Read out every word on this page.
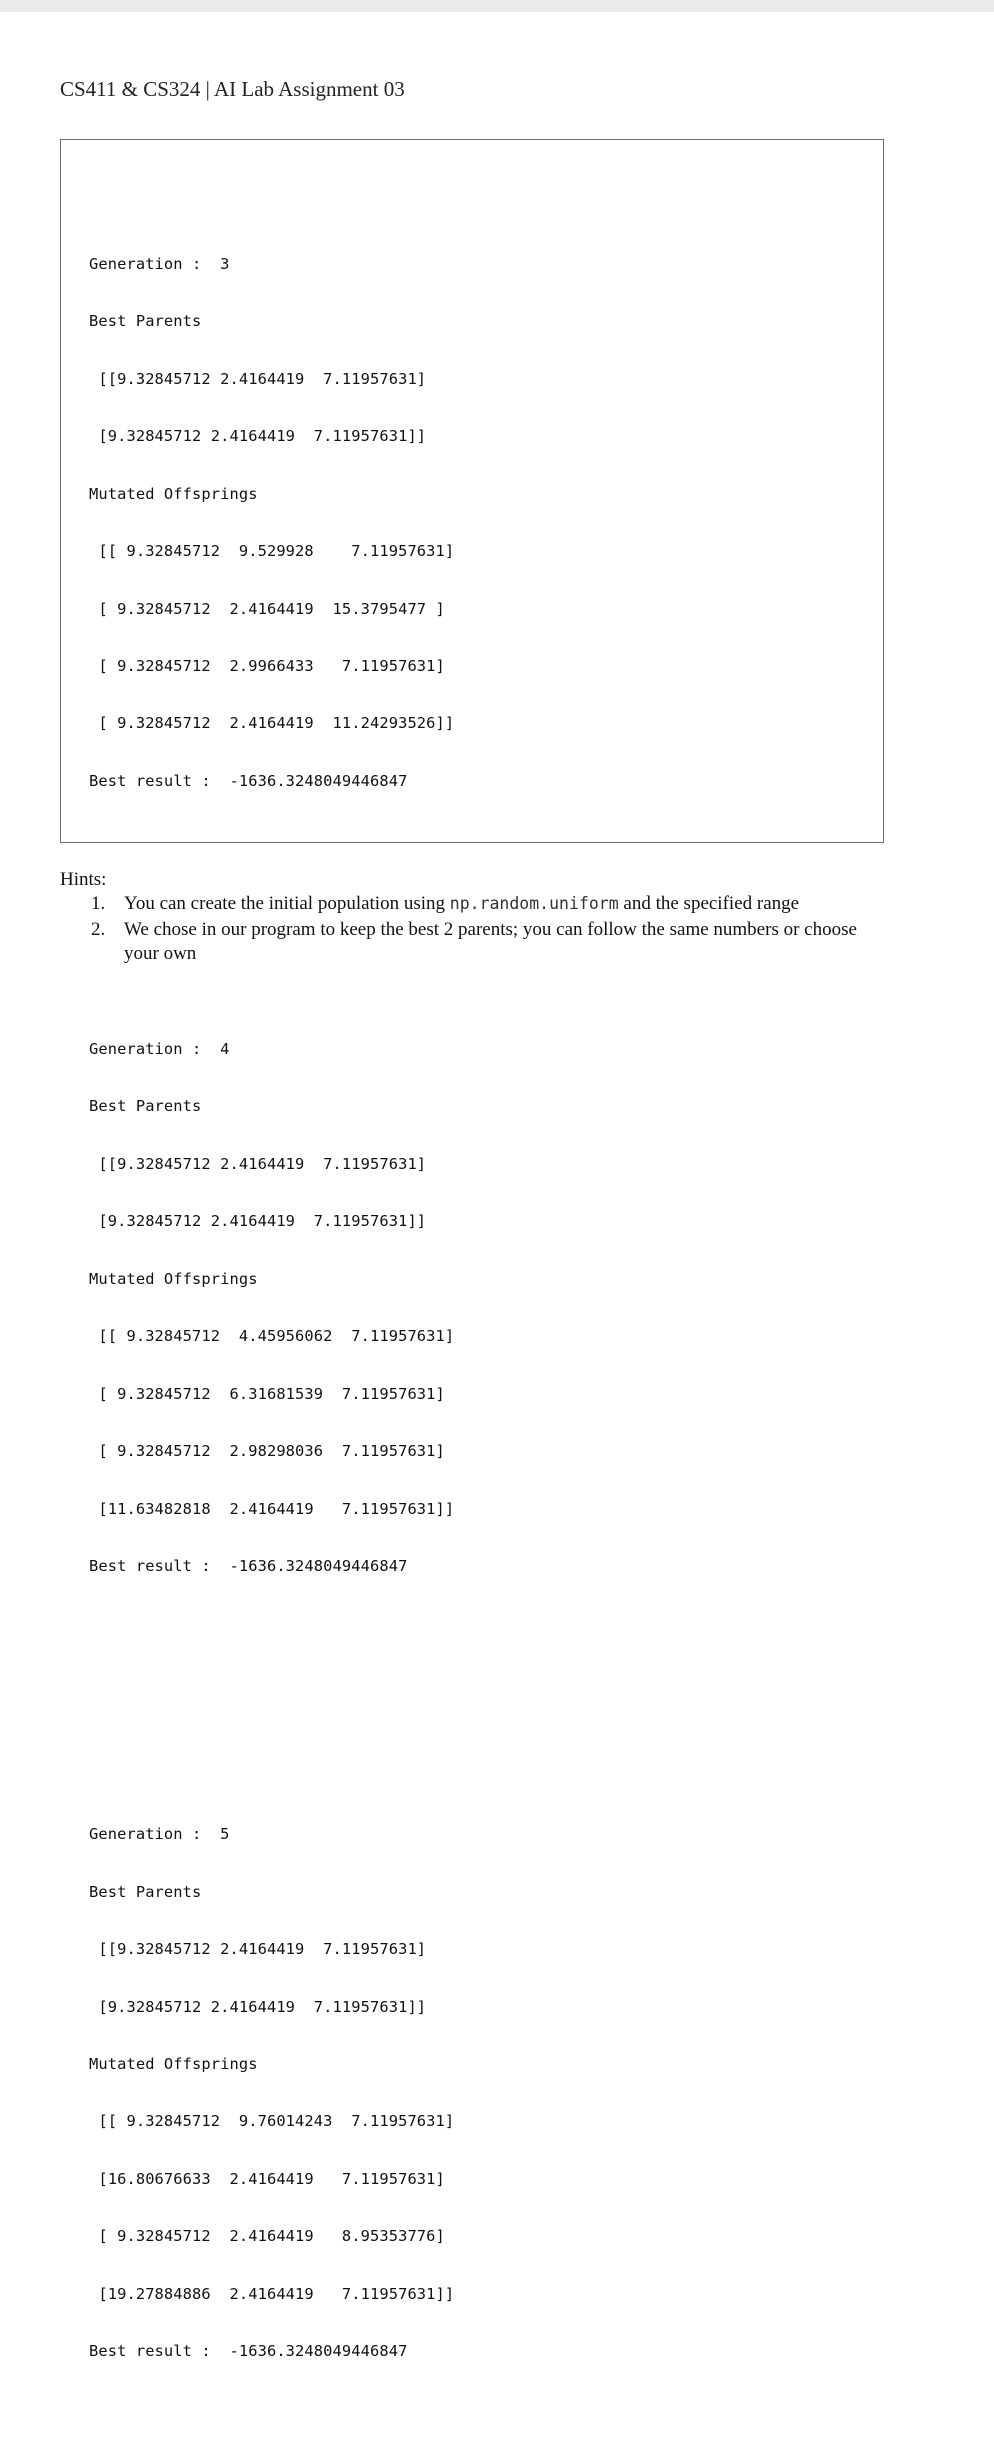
CS411 & CS324 | AI Lab Assignment 03

Generation :  3

Best Parents

[[9.32845712 2.4164419  7.11957631]

[9.32845712 2.4164419  7.11957631]]

Mutated Offsprings

[[ 9.32845712  9.529928    7.11957631]

[ 9.32845712  2.4164419  15.3795477 ]

[ 9.32845712  2.9966433   7.11957631]

[ 9.32845712  2.4164419  11.24293526]]

Best result :  -1636.3248049446847

Generation :  4

Best Parents

[[9.32845712 2.4164419  7.11957631]

[9.32845712 2.4164419  7.11957631]]

Mutated Offsprings

[[ 9.32845712  4.45956062  7.11957631]

[ 9.32845712  6.31681539  7.11957631]

[ 9.32845712  2.98298036  7.11957631]

[11.63482818  2.4164419   7.11957631]]

Best result :  -1636.3248049446847

Generation :  5

Best Parents

[[9.32845712 2.4164419  7.11957631]

[9.32845712 2.4164419  7.11957631]]

Mutated Offsprings

[[ 9.32845712  9.76014243  7.11957631]

[16.80676633  2.4164419   7.11957631]

[ 9.32845712  2.4164419   8.95353776]

[19.27884886  2.4164419   7.11957631]]

Best result :  -1636.3248049446847

Hints:
1. You can create the initial population using np.random.uniform and the specified range
2. We chose in our program to keep the best 2 parents; you can follow the same numbers or choose your own
